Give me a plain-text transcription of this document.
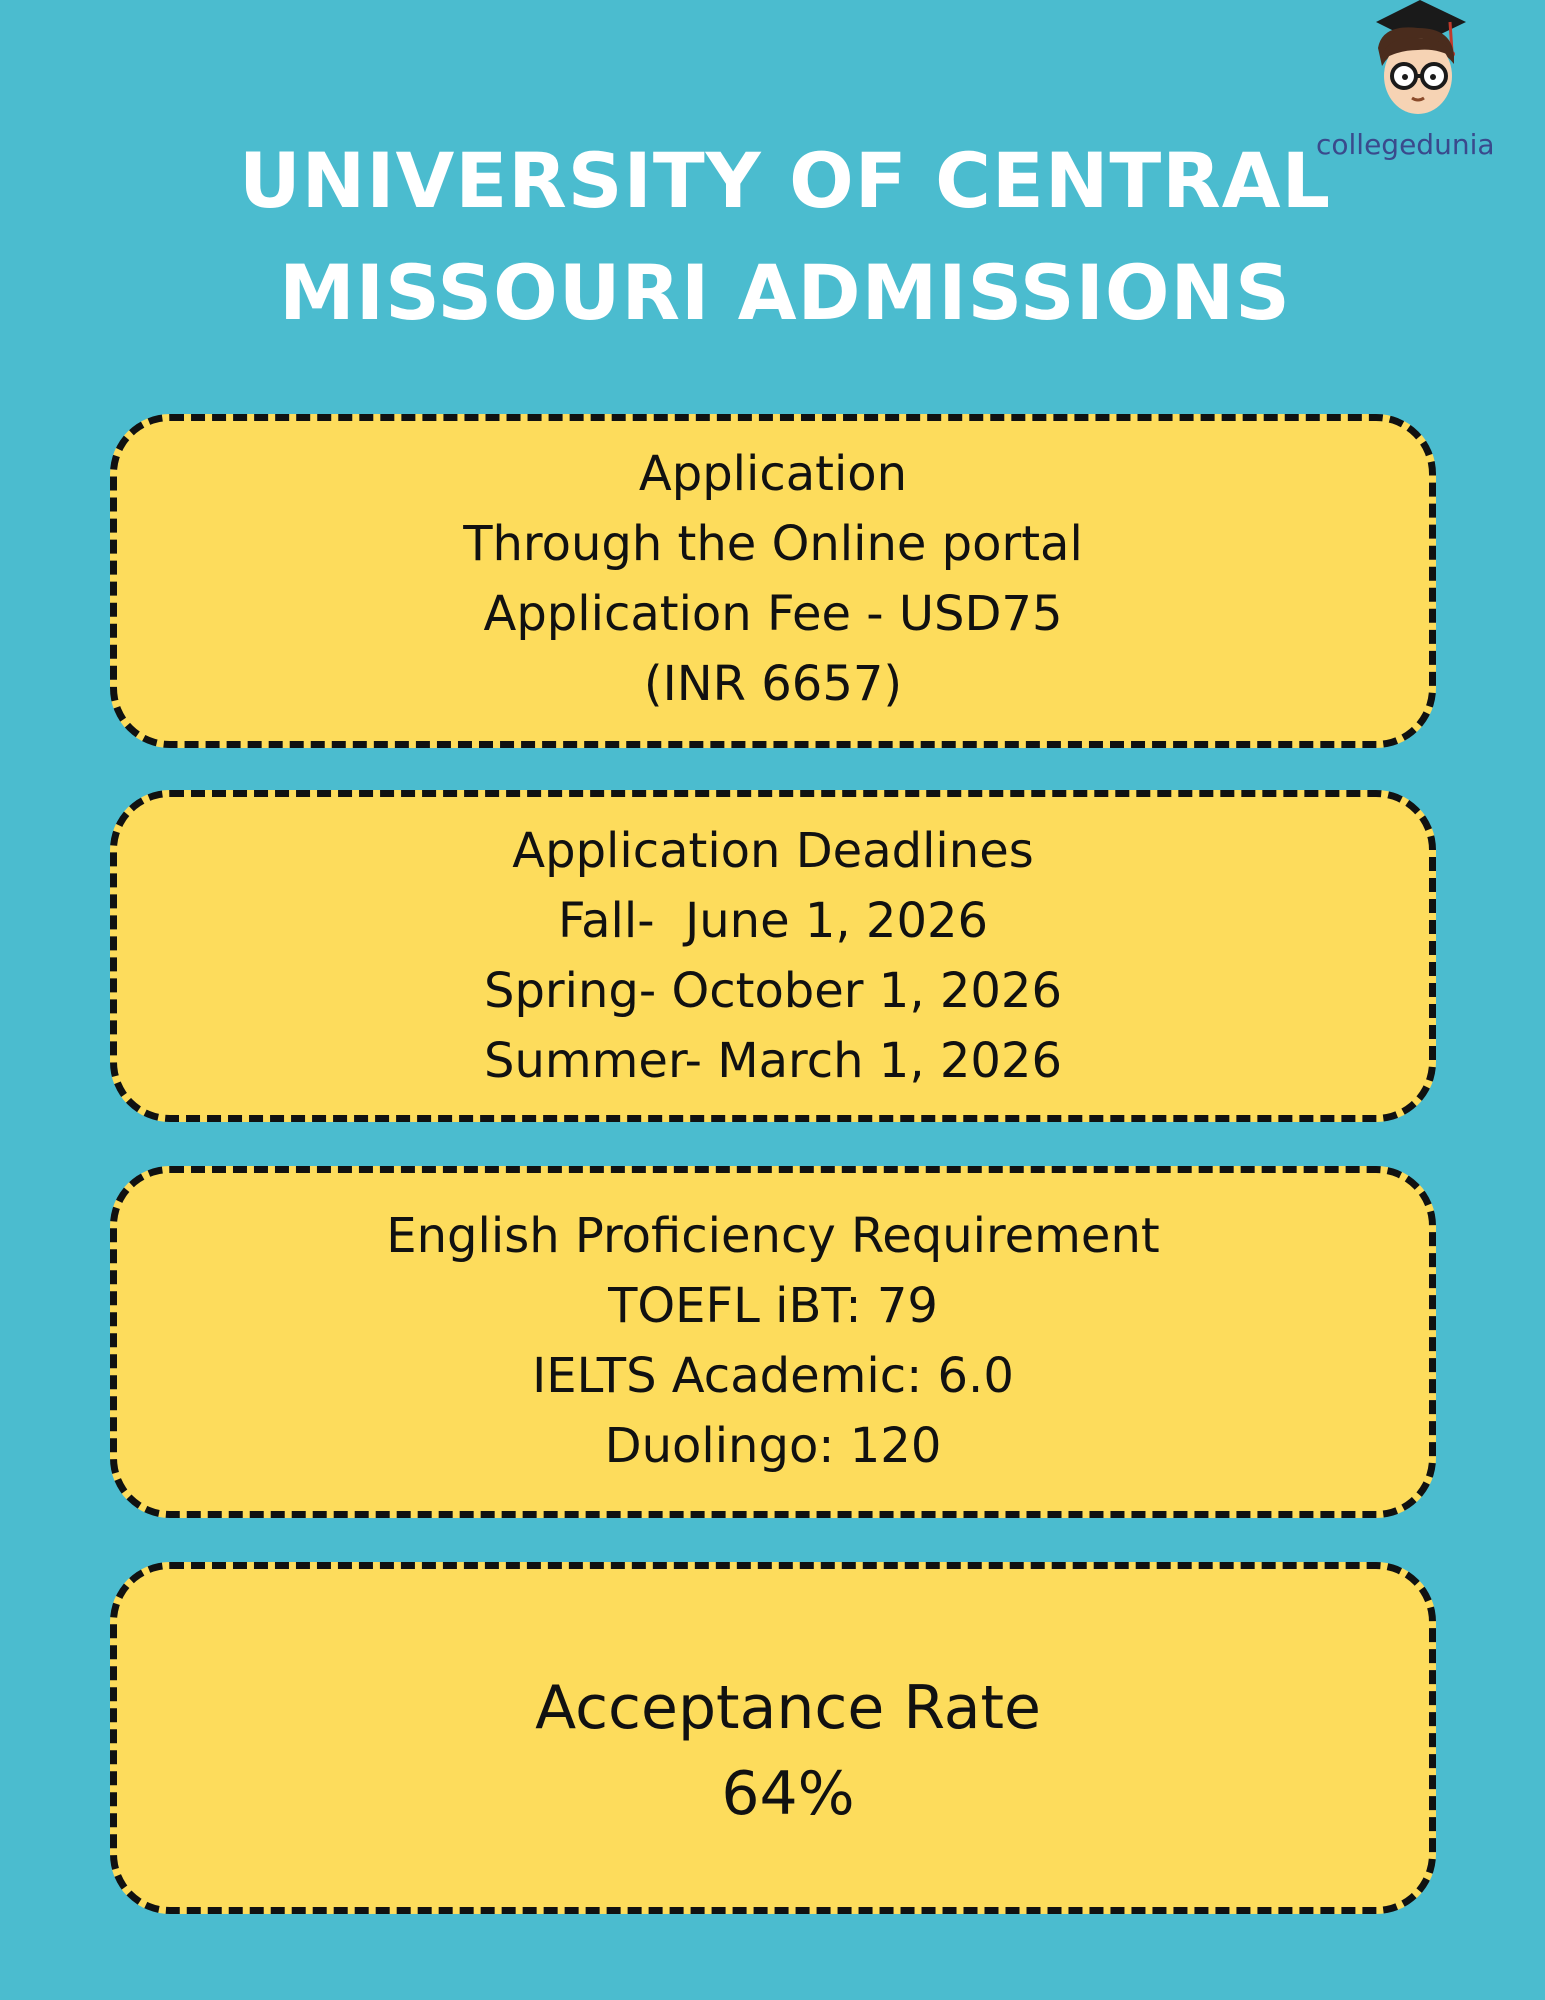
collegedunia
UNIVERSITY OF CENTRAL
MISSOURI ADMISSIONS
Application
Through the Online portal
Application Fee - USD75
(INR 6657)
Application Deadlines
Fall-  June 1, 2026
Spring- October 1, 2026
Summer- March 1, 2026
English Proficiency Requirement
TOEFL iBT: 79
IELTS Academic: 6.0
Duolingo: 120
Acceptance Rate
64%
